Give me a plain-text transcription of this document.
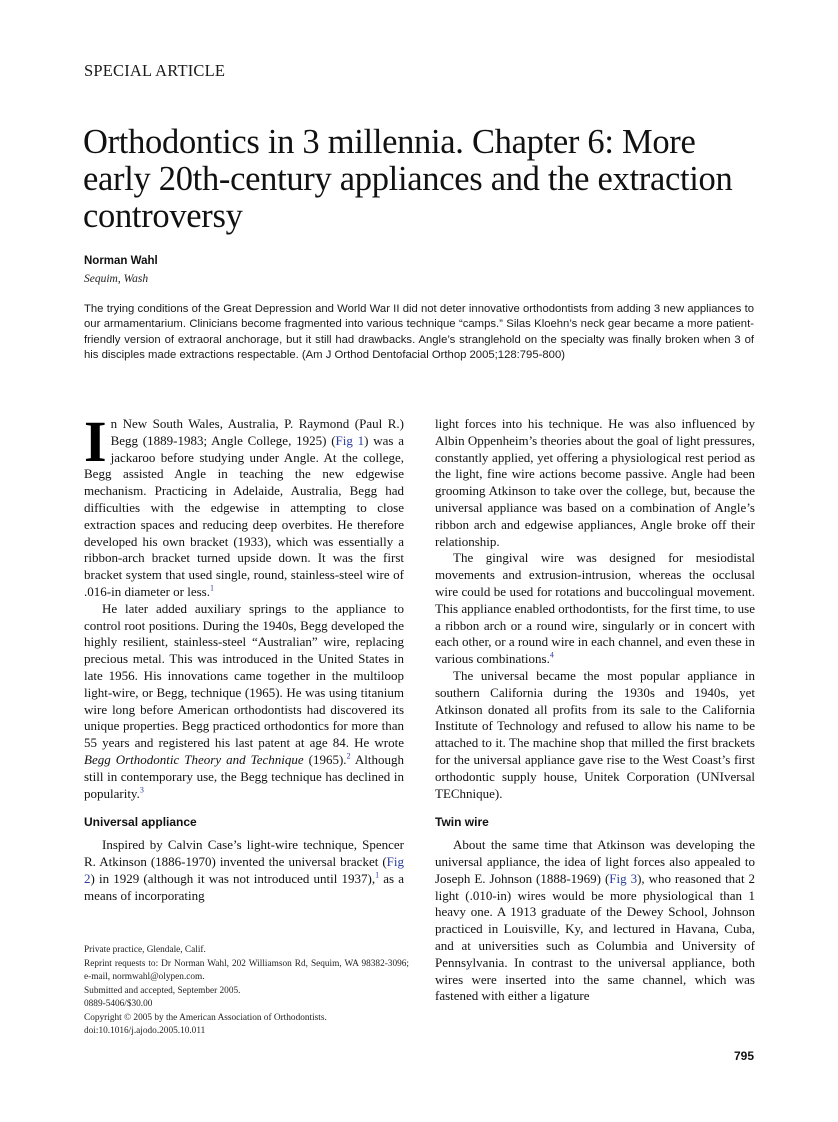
SPECIAL ARTICLE
Orthodontics in 3 millennia. Chapter 6: More early 20th-century appliances and the extraction controversy
Norman Wahl
Sequim, Wash

The trying conditions of the Great Depression and World War II did not deter innovative orthodontists from adding 3 new appliances to our armamentarium. Clinicians become fragmented into various technique “camps.” Silas Kloehn’s neck gear became a more patient-friendly version of extraoral anchorage, but it still had drawbacks. Angle’s stranglehold on the specialty was finally broken when 3 of his disciples made extractions respectable. (Am J Orthod Dentofacial Orthop 2005;128:795-800)

In New South Wales, Australia, P. Raymond (Paul R.) Begg (1889-1983; Angle College, 1925) (Fig 1) was a jackaroo before studying under Angle. At the college, Begg assisted Angle in teaching the new edgewise mechanism. Practicing in Adelaide, Australia, Begg had difficulties with the edgewise in attempting to close extraction spaces and reducing deep overbites. He therefore developed his own bracket (1933), which was essentially a ribbon-arch bracket turned upside down. It was the first bracket system that used single, round, stainless-steel wire of .016-in diameter or less.$^1$

He later added auxiliary springs to the appliance to control root positions. During the 1940s, Begg developed the highly resilient, stainless-steel “Australian” wire, replacing precious metal. This was introduced in the United States in late 1956. His innovations came together in the multiloop light-wire, or Begg, technique (1965). He was using titanium wire long before American orthodontists had discovered its unique properties. Begg practiced orthodontics for more than 55 years and registered his last patent at age 84. He wrote Begg Orthodontic Theory and Technique (1965).$^2$ Although still in contemporary use, the Begg technique has declined in popularity.$^3$

Universal appliance

Inspired by Calvin Case’s light-wire technique, Spencer R. Atkinson (1886-1970) invented the universal bracket (Fig 2) in 1929 (although it was not introduced until 1937),$^1$ as a means of incorporating

Private practice, Glendale, Calif.
Reprint requests to: Dr Norman Wahl, 202 Williamson Rd, Sequim, WA 98382-3096; e-mail, normwahl@olypen.com.
Submitted and accepted, September 2005.
0889-5406/$30.00
Copyright © 2005 by the American Association of Orthodontists.
doi:10.1016/j.ajodo.2005.10.011

light forces into his technique. He was also influenced by Albin Oppenheim’s theories about the goal of light pressures, constantly applied, yet offering a physiological rest period as the light, fine wire actions become passive. Angle had been grooming Atkinson to take over the college, but, because the universal appliance was based on a combination of Angle’s ribbon arch and edgewise appliances, Angle broke off their relationship.

The gingival wire was designed for mesiodistal movements and extrusion-intrusion, whereas the occlusal wire could be used for rotations and buccolingual movement. This appliance enabled orthodontists, for the first time, to use a ribbon arch or a round wire, singularly or in concert with each other, or a round wire in each channel, and even these in various combinations.$^4$

The universal became the most popular appliance in southern California during the 1930s and 1940s, yet Atkinson donated all profits from its sale to the California Institute of Technology and refused to allow his name to be attached to it. The machine shop that milled the first brackets for the universal appliance gave rise to the West Coast’s first orthodontic supply house, Unitek Corporation (UNIversal TEChnique).

Twin wire

About the same time that Atkinson was developing the universal appliance, the idea of light forces also appealed to Joseph E. Johnson (1888-1969) (Fig 3), who reasoned that 2 light (.010-in) wires would be more physiological than 1 heavy one. A 1913 graduate of the Dewey School, Johnson practiced in Louisville, Ky, and lectured in Havana, Cuba, and at universities such as Columbia and University of Pennsylvania. In contrast to the universal appliance, both wires were inserted into the same channel, which was fastened with either a ligature

795
